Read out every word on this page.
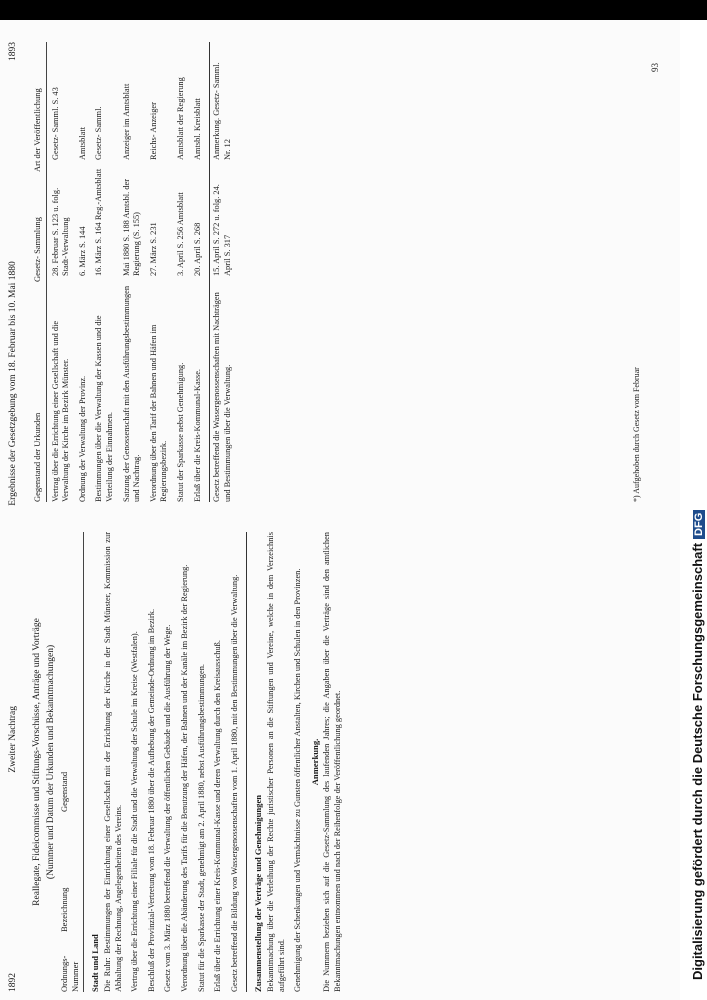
1892
Zweiter Nachtrag
Ergebnisse der Gesetzgebung vom 18. Februar bis 10. Mai 1880
1893
Reallegate, Fideicommisse und Stiftungs-Vorschüsse, Anträge und Vorträge (Nummer und Datum der Urkunden und Bekanntmachungen)
Ordnungs- Nummer
Bezeichnung
Gegenstand
Stadt und Land Die Ruhr: Bestimmungen der Einrichtung einer Gesellschaft mit der Errichtung der Kirche in der Stadt Münster, Kommission zur Abhaltung der Rechnung, Angelegenheiten des Vereins. Vertrag über die Errichtung einer Filiale für die Stadt und die Verwaltung der Schule im Kreise (Westfalen). Beschluß der Provinzial-Vertretung vom 18. Februar 1880 über die Aufhebung der Gemeinde-Ordnung im Bezirk. Gesetz vom 3. März 1880 betreffend die Verwaltung der öffentlichen Gebäude und die Ausführung der Wege. Verordnung über die Abänderung des Tarifs für die Benutzung der Häfen, der Bahnen und der Kanäle im Bezirk der Regierung. Statut für die Sparkasse der Stadt, genehmigt am 2. April 1880, nebst Ausführungsbestimmungen. Erlaß über die Errichtung einer Kreis-Kommunal-Kasse und deren Verwaltung durch den Kreisausschuß. Gesetz betreffend die Bildung von Wassergenossenschaften vom 1. April 1880, mit den Bestimmungen über die Verwaltung. Zusammenstellung der Verträge und Genehmigungen Bekanntmachung über die Verleihung der Rechte juristischer Personen an die Stiftungen und Vereine, welche in dem Verzeichnis aufgeführt sind. Genehmigung der Schenkungen und Vermächtnisse zu Gunsten öffentlicher Anstalten, Kirchen und Schulen in den Provinzen. Anmerkung. Die Nummern beziehen sich auf die Gesetz-Sammlung des laufenden Jahres; die Angaben über die Verträge sind den amtlichen Bekanntmachungen entnommen und nach der Reihenfolge der Veröffentlichung geordnet.
Gegenstand der Urkunden
Gesetz- Sammlung
Art der Veröffentlichung
Vertrag über die Errichtung einer Gesellschaft und die Verwaltung der Kirche im Bezirk Münster.
28. Februar S. 123 u. folg. Stadt-Verwaltung
Gesetz- Samml. S. 43
Ordnung der Verwaltung der Provinz.
6. März S. 144
Amtsblatt
Bestimmungen über die Verwaltung der Kassen und die Verteilung der Einnahmen.
16. März S. 164 Reg.-Amtsblatt
Gesetz- Samml.
Satzung der Genossenschaft mit den Ausführungsbestimmungen und Nachtrag.
Mai 1880 S. 188 Amtsbl. der Regierung (S. 155)
Anzeiger im Amtsblatt
Verordnung über den Tarif der Bahnen und Häfen im Regierungsbezirk.
27. März S. 231
Reichs- Anzeiger
Statut der Sparkasse nebst Genehmigung.
3. April S. 256 Amtsblatt
Amtsblatt der Regierung
Erlaß über die Kreis-Kommunal-Kasse.
20. April S. 268
Amtsbl. Kreisblatt
Gesetz betreffend die Wassergenossenschaften mit Nachträgen und Bestimmungen über die Verwaltung.
15. April S. 272 u. folg. 24. April S. 317
Anmerkung. Gesetz- Samml. Nr. 12
*) Aufgehoben durch Gesetz vom Februar
93
Digitalisierung gefördert durch die Deutsche ForschungsgemeinschaftDFG
